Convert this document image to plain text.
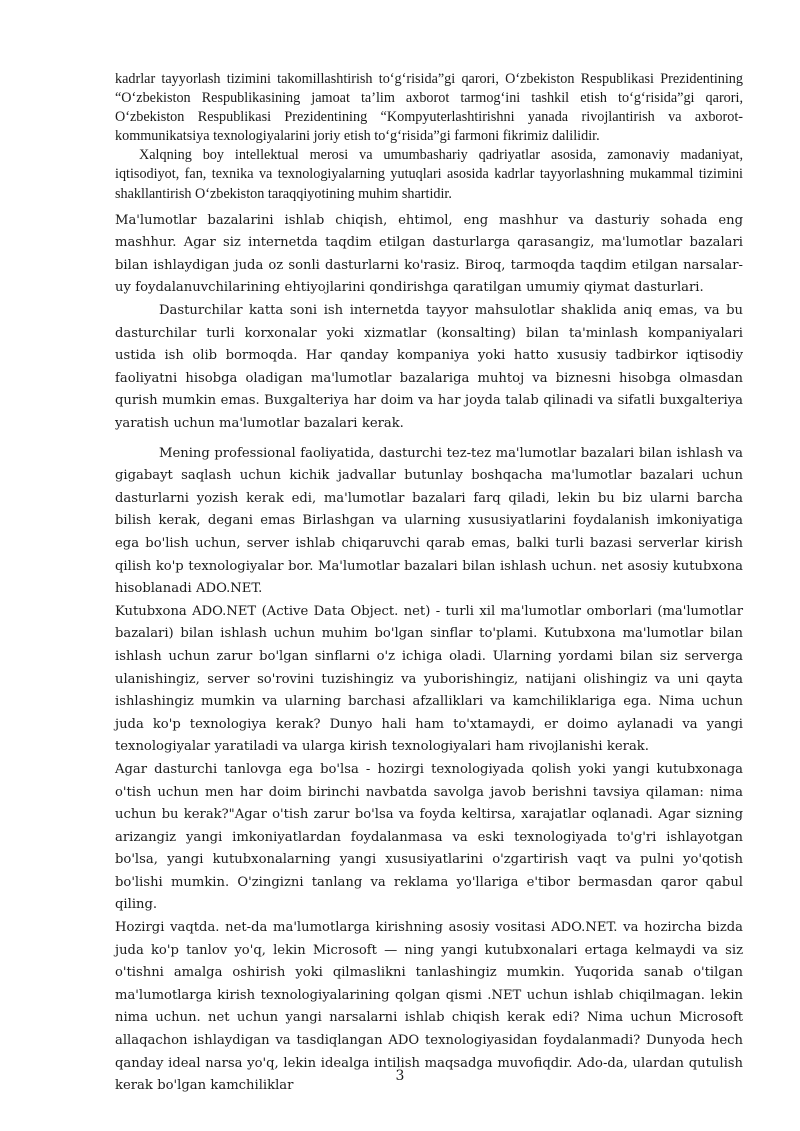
kadrlar tayyorlash tizimini takomillashtirish to‘g‘risida”gi qarori, O‘zbekiston Respublikasi Prezidentining “O‘zbekiston Respublikasining jamoat ta’lim axborot tarmog‘ini tashkil etish to‘g‘risida”gi qarori, O‘zbekiston Respublikasi Prezidentining “Kompyuterlashtirishni yanada rivojlantirish va axborot-kommunikatsiya texnologiyalarini joriy etish to‘g‘risida”gi farmoni fikrimiz dalilidir.

Xalqning boy intellektual merosi va umumbashariy qadriyatlar asosida, zamonaviy madaniyat, iqtisodiyot, fan, texnika va texnologiyalarning yutuqlari asosida kadrlar tayyorlashning mukammal tizimini shakllantirish O‘zbekiston taraqqiyotining muhim shartidir.

Ma'lumotlar bazalarini ishlab chiqish, ehtimol, eng mashhur va dasturiy sohada eng mashhur. Agar siz internetda taqdim etilgan dasturlarga qarasangiz, ma'lumotlar bazalari bilan ishlaydigan juda oz sonli dasturlarni ko'rasiz. Biroq, tarmoqda taqdim etilgan narsalar-uy foydalanuvchilarining ehtiyojlarini qondirishga qaratilgan umumiy qiymat dasturlari.

Dasturchilar katta soni ish internetda tayyor mahsulotlar shaklida aniq emas, va bu dasturchilar turli korxonalar yoki xizmatlar (konsalting) bilan ta'minlash kompaniyalari ustida ish olib bormoqda. Har qanday kompaniya yoki hatto xususiy tadbirkor iqtisodiy faoliyatni hisobga oladigan ma'lumotlar bazalariga muhtoj va biznesni hisobga olmasdan qurish mumkin emas. Buxgalteriya har doim va har joyda talab qilinadi va sifatli buxgalteriya yaratish uchun ma'lumotlar bazalari kerak.

Mening professional faoliyatida, dasturchi tez-tez ma'lumotlar bazalari bilan ishlash va gigabayt saqlash uchun kichik jadvallar butunlay boshqacha ma'lumotlar bazalari uchun dasturlarni yozish kerak edi, ma'lumotlar bazalari farq qiladi, lekin bu biz ularni barcha bilish kerak, degani emas Birlashgan va ularning xususiyatlarini foydalanish imkoniyatiga ega bo'lish uchun, server ishlab chiqaruvchi qarab emas, balki turli bazasi serverlar kirish qilish ko'p texnologiyalar bor. Ma'lumotlar bazalari bilan ishlash uchun. net asosiy kutubxona hisoblanadi ADO.NET.

Kutubxona ADO.NET (Active Data Object. net) - turli xil ma'lumotlar omborlari (ma'lumotlar bazalari) bilan ishlash uchun muhim bo'lgan sinflar to'plami. Kutubxona ma'lumotlar bilan ishlash uchun zarur bo'lgan sinflarni o'z ichiga oladi. Ularning yordami bilan siz serverga ulanishingiz, server so'rovini tuzishingiz va yuborishingiz, natijani olishingiz va uni qayta ishlashingiz mumkin va ularning barchasi afzalliklari va kamchiliklariga ega. Nima uchun juda ko'p texnologiya kerak? Dunyo hali ham to'xtamaydi, er doimo aylanadi va yangi texnologiyalar yaratiladi va ularga kirish texnologiyalari ham rivojlanishi kerak.

Agar dasturchi tanlovga ega bo'lsa - hozirgi texnologiyada qolish yoki yangi kutubxonaga o'tish uchun men har doim birinchi navbatda savolga javob berishni tavsiya qilaman: nima uchun bu kerak?"Agar o'tish zarur bo'lsa va foyda keltirsa, xarajatlar oqlanadi. Agar sizning arizangiz yangi imkoniyatlardan foydalanmasa va eski texnologiyada to'g'ri ishlayotgan bo'lsa, yangi kutubxonalarning yangi xususiyatlarini o'zgartirish vaqt va pulni yo'qotish bo'lishi mumkin. O'zingizni tanlang va reklama yo'llariga e'tibor bermasdan qaror qabul qiling.

Hozirgi vaqtda. net-da ma'lumotlarga kirishning asosiy vositasi ADO.NET. va hozircha bizda juda ko'p tanlov yo'q, lekin Microsoft — ning yangi kutubxonalari ertaga kelmaydi va siz o'tishni amalga oshirish yoki qilmaslikni tanlashingiz mumkin. Yuqorida sanab o'tilgan ma'lumotlarga kirish texnologiyalarining qolgan qismi .NET uchun ishlab chiqilmagan. lekin nima uchun. net uchun yangi narsalarni ishlab chiqish kerak edi? Nima uchun Microsoft allaqachon ishlaydigan va tasdiqlangan ADO texnologiyasidan foydalanmadi? Dunyoda hech qanday ideal narsa yo'q, lekin idealga intilish maqsadga muvofiqdir. Ado-da, ulardan qutulish kerak bo'lgan kamchiliklar

3
